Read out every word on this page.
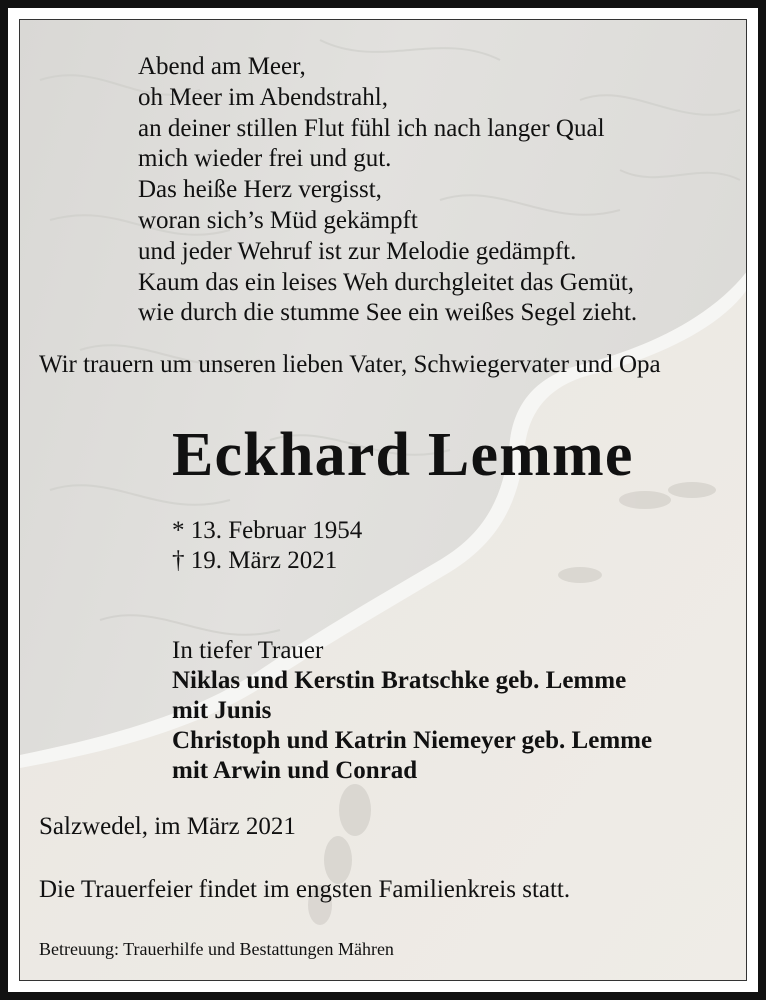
Abend am Meer,
oh Meer im Abendstrahl,
an deiner stillen Flut fühl ich nach langer Qual
mich wieder frei und gut.
Das heiße Herz vergisst,
woran sich’s Müd gekämpft
und jeder Wehruf ist zur Melodie gedämpft.
Kaum das ein leises Weh durchgleitet das Gemüt,
wie durch die stumme See ein weißes Segel zieht.
Wir trauern um unseren lieben Vater, Schwiegervater und Opa
Eckhard Lemme
* 13. Februar 1954
† 19. März 2021
In tiefer Trauer
Niklas und Kerstin Bratschke geb. Lemme
mit Junis
Christoph und Katrin Niemeyer geb. Lemme
mit Arwin und Conrad
Salzwedel, im März 2021
Die Trauerfeier findet im engsten Familienkreis statt.
Betreuung: Trauerhilfe und Bestattungen Mähren
